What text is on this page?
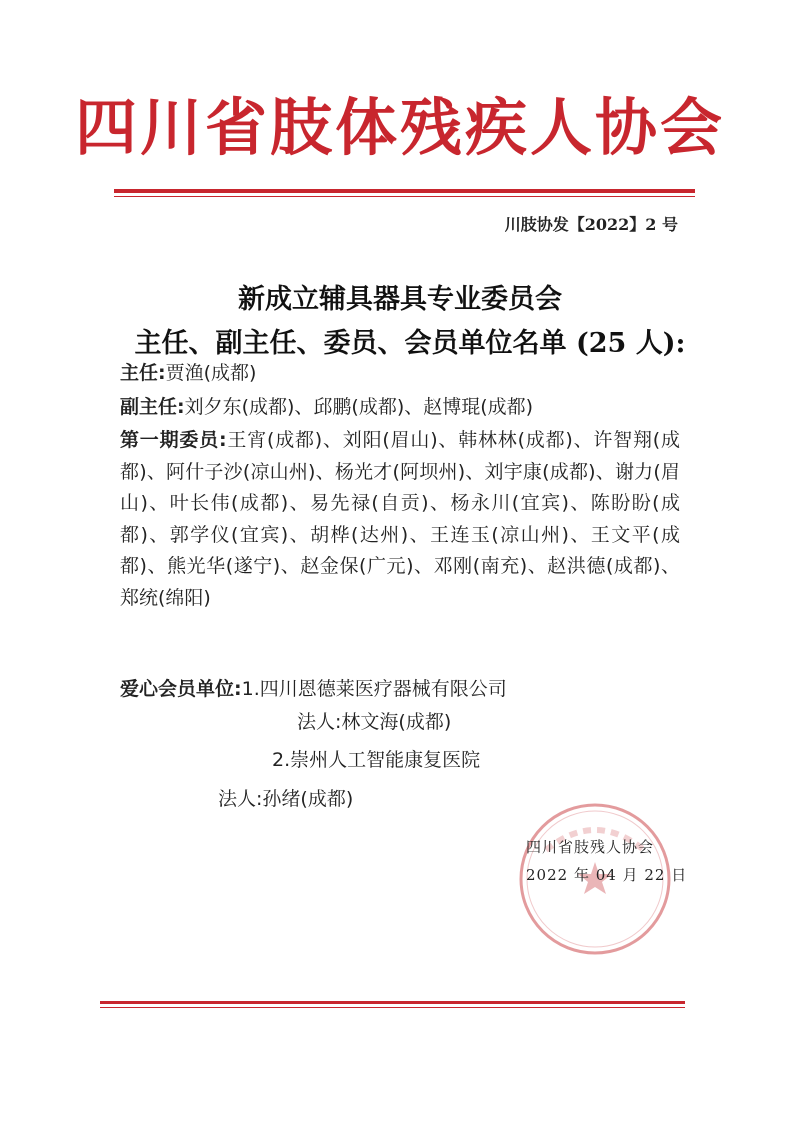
四川省肢体残疾人协会
川肢协发【2022】2 号
新成立辅具器具专业委员会
主任、副主任、委员、会员单位名单 (25 人):

主任:贾渔(成都)

副主任:刘夕东(成都)、邱鹏(成都)、赵博琨(成都)

第一期委员:王宵(成都)、刘阳(眉山)、韩林林(成都)、许智翔(成都)、阿什子沙(凉山州)、杨光才(阿坝州)、刘宇康(成都)、谢力(眉山)、叶长伟(成都)、易先禄(自贡)、杨永川(宜宾)、陈盼盼(成都)、郭学仪(宜宾)、胡桦(达州)、王连玉(凉山州)、王文平(成都)、熊光华(遂宁)、赵金保(广元)、邓刚(南充)、赵洪德(成都)、郑统(绵阳)

爱心会员单位:1.四川恩德莱医疗器械有限公司
法人:林文海(成都)
2.崇州人工智能康复医院
法人:孙绪(成都)
四川省肢残人协会
2022 年 04 月 22 日
